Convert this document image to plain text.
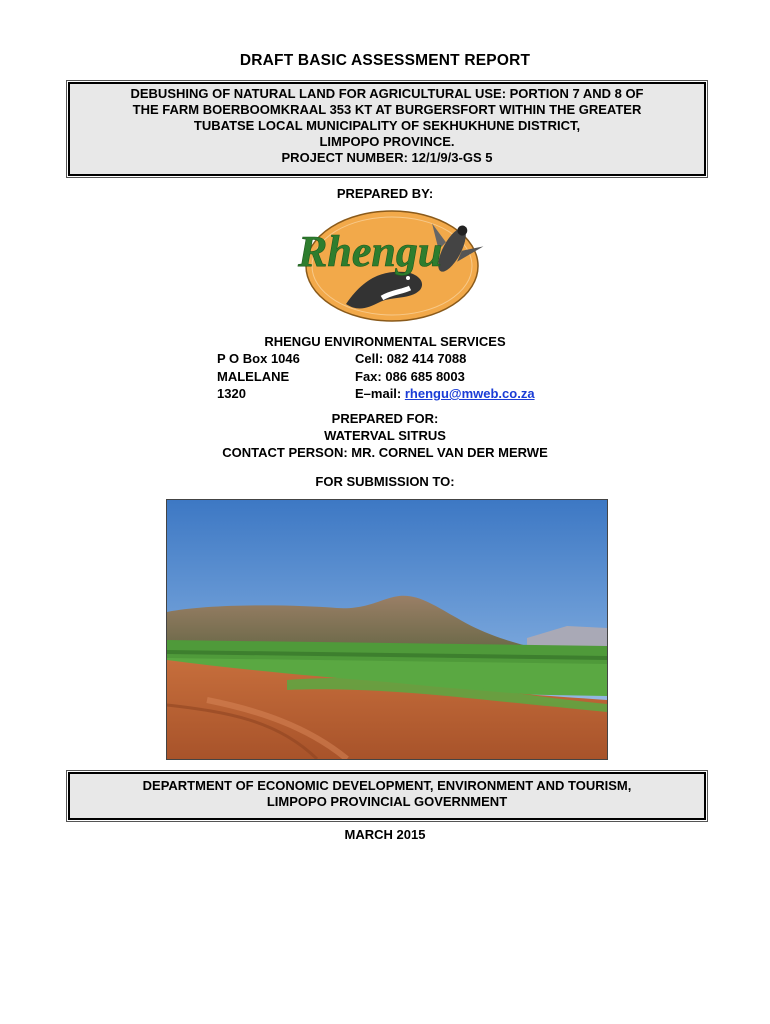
DRAFT BASIC ASSESSMENT REPORT
DEBUSHING OF NATURAL LAND FOR AGRICULTURAL USE: PORTION 7 AND 8 OF
THE FARM BOERBOOMKRAAL 353 KT AT BURGERSFORT WITHIN THE GREATER
TUBATSE LOCAL MUNICIPALITY OF SEKHUKHUNE DISTRICT,
LIMPOPO PROVINCE.
PROJECT NUMBER: 12/1/9/3-GS 5
PREPARED BY:
Rhengu
RHENGU ENVIRONMENTAL SERVICES
P O Box 1046
MALELANE
1320
Cell: 082 414 7088
Fax: 086 685 8003
E–mail: rhengu@mweb.co.za
PREPARED FOR:
WATERVAL SITRUS
CONTACT PERSON: MR. CORNEL VAN DER MERWE
FOR SUBMISSION TO:
DEPARTMENT OF ECONOMIC DEVELOPMENT, ENVIRONMENT AND TOURISM,
LIMPOPO PROVINCIAL GOVERNMENT
MARCH 2015
